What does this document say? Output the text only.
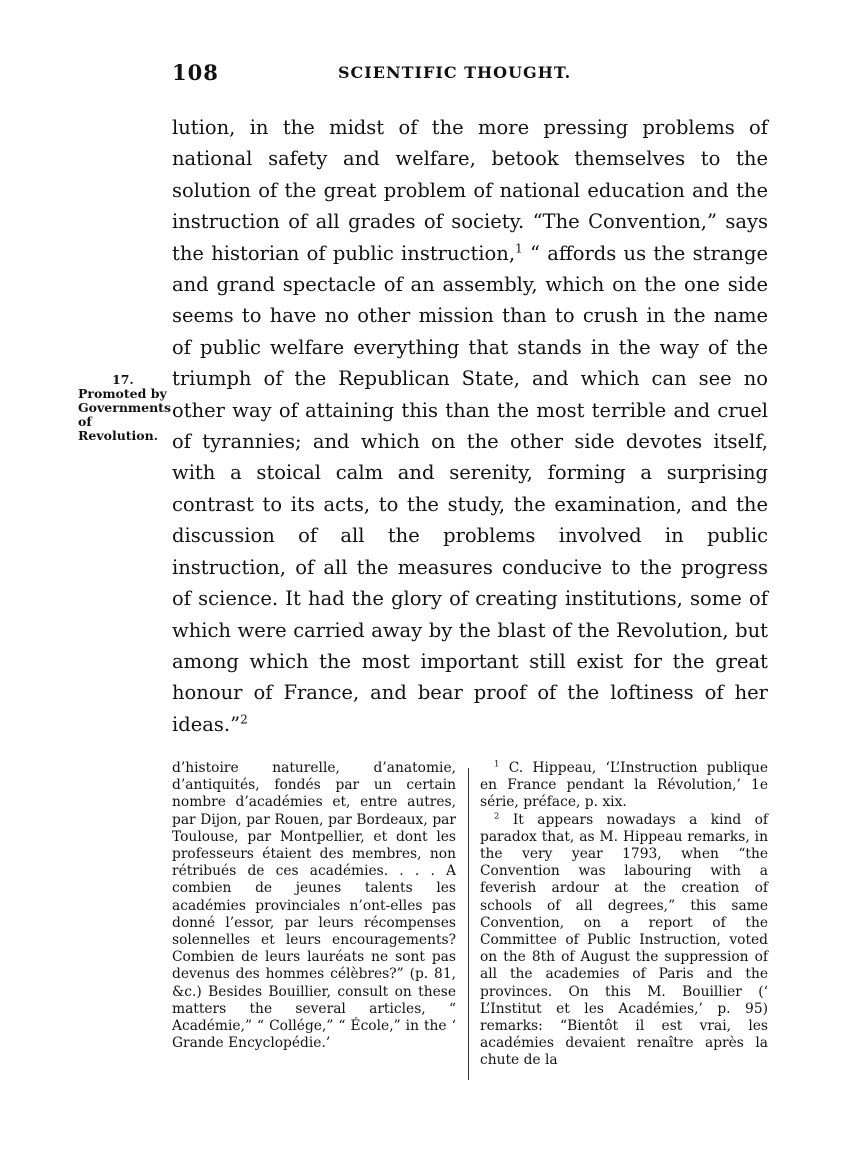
108	SCIENTIFIC THOUGHT.
17.
Promoted by Governments of Revolution.

lution, in the midst of the more pressing problems of national safety and welfare, betook themselves to the solution of the great problem of national education and the instruction of all grades of society. “The Convention,” says the historian of public instruction,$^1$ “ affords us the strange and grand spectacle of an assembly, which on the one side seems to have no other mission than to crush in the name of public welfare everything that stands in the way of the triumph of the Republican State, and which can see no other way of attaining this than the most terrible and cruel of tyrannies; and which on the other side devotes itself, with a stoical calm and serenity, forming a surprising contrast to its acts, to the study, the examination, and the discussion of all the problems involved in public instruction, of all the measures conducive to the progress of science. It had the glory of creating institutions, some of which were carried away by the blast of the Revolution, but among which the most important still exist for the great honour of France, and bear proof of the loftiness of her ideas.”$^2$

d’histoire naturelle, d’anatomie, d’antiquités, fondés par un certain nombre d’académies et, entre autres, par Dijon, par Rouen, par Bordeaux, par Toulouse, par Montpellier, et dont les professeurs étaient des membres, non rétribués de ces académies. . . . A combien de jeunes talents les académies provinciales n’ont-elles pas donné l’essor, par leurs récompenses solennelles et leurs encouragements? Combien de leurs lauréats ne sont pas devenus des hommes célèbres?” (p. 81, &c.) Besides Bouillier, consult on these matters the several articles, “ Académie,” “ Collége,” “ École,” in the ‘ Grande Encyclopédie.’

$^1$ C. Hippeau, ‘L’Instruction publique en France pendant la Révolution,’ 1e série, préface, p. xix.

$^2$ It appears nowadays a kind of paradox that, as M. Hippeau remarks, in the very year 1793, when “the Convention was labouring with a feverish ardour at the creation of schools of all degrees,” this same Convention, on a report of the Committee of Public Instruction, voted on the 8th of August the suppression of all the academies of Paris and the provinces. On this M. Bouillier (‘ L’Institut et les Académies,’ p. 95) remarks: “Bientôt il est vrai, les académies devaient renaître après la chute de la
